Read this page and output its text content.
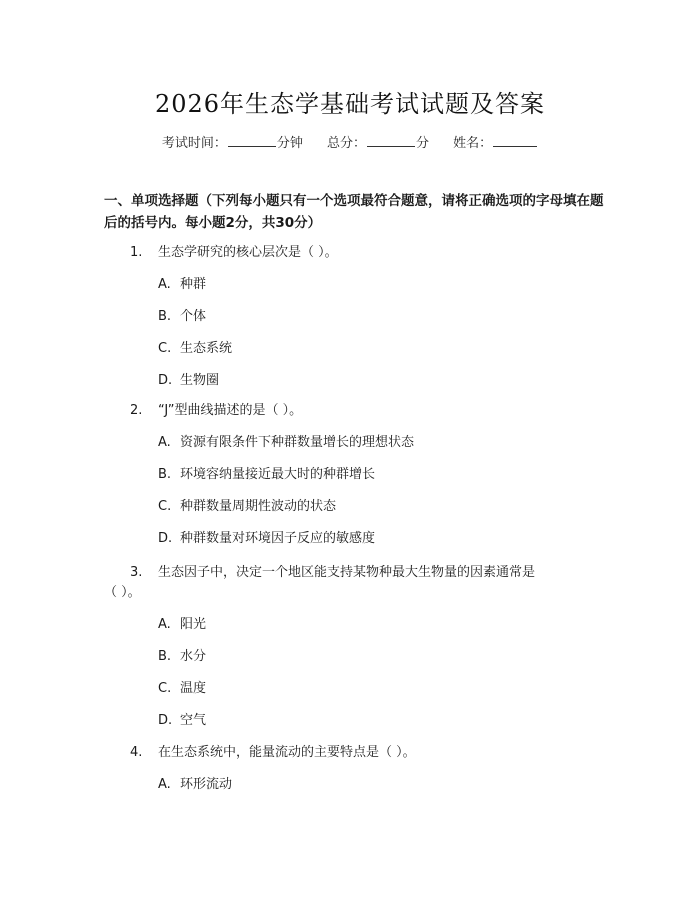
2026年生态学基础考试试题及答案
考试时间：	分钟 总分：	分 姓名：
一、单项选择题（下列每小题只有一个选项最符合题意，请将正确选项的字母填在题后的括号内。每小题2分，共30分）
1. 生态学研究的核心层次是（ ）。
A. 种群
B. 个体
C. 生态系统
D. 生物圈
2. “J”型曲线描述的是（ ）。
A. 资源有限条件下种群数量增长的理想状态
B. 环境容纳量接近最大时的种群增长
C. 种群数量周期性波动的状态
D. 种群数量对环境因子反应的敏感度
3. 生态因子中，决定一个地区能支持某物种最大生物量的因素通常是
（ ）。
A. 阳光
B. 水分
C. 温度
D. 空气
4. 在生态系统中，能量流动的主要特点是（ ）。
A. 环形流动
